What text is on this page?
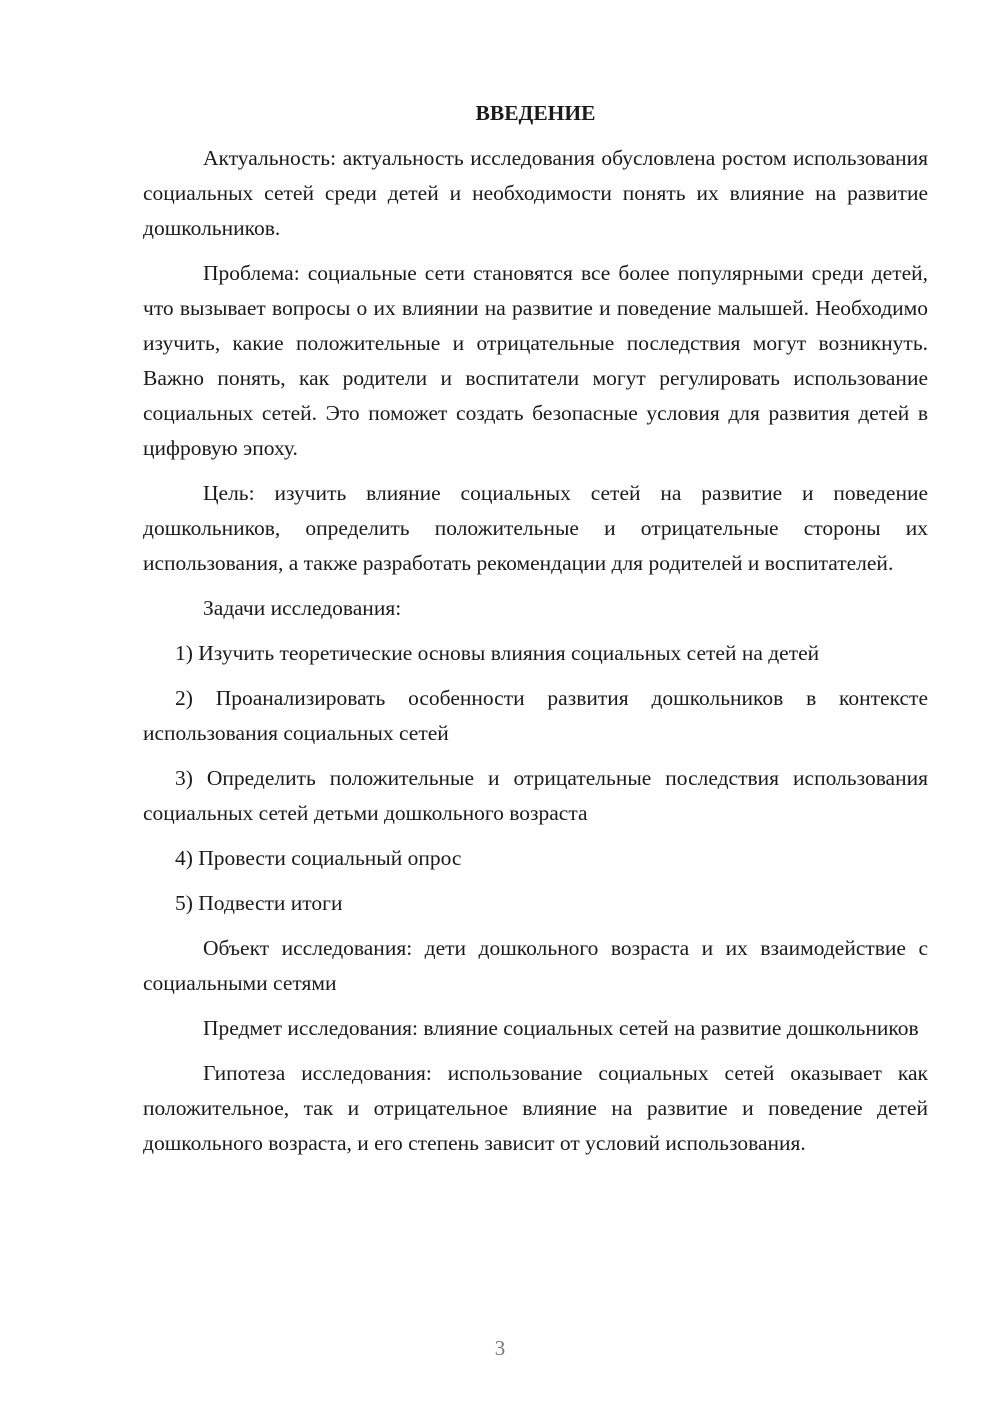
ВВЕДЕНИЕ

Актуальность: актуальность исследования обусловлена ростом использования социальных сетей среди детей и необходимости понять их влияние на развитие дошкольников.

Проблема: социальные сети становятся все более популярными среди детей, что вызывает вопросы о их влиянии на развитие и поведение малышей. Необходимо изучить, какие положительные и отрицательные последствия могут возникнуть. Важно понять, как родители и воспитатели могут регулировать использование социальных сетей. Это поможет создать безопасные условия для развития детей в цифровую эпоху.

Цель: изучить влияние социальных сетей на развитие и поведение дошкольников, определить положительные и отрицательные стороны их использования, а также разработать рекомендации для родителей и воспитателей.

Задачи исследования:

1) Изучить теоретические основы влияния социальных сетей на детей

2) Проанализировать особенности развития дошкольников в контексте использования социальных сетей

3) Определить положительные и отрицательные последствия использования социальных сетей детьми дошкольного возраста

4) Провести социальный опрос

5) Подвести итоги

Объект исследования: дети дошкольного возраста и их взаимодействие с социальными сетями

Предмет исследования: влияние социальных сетей на развитие дошкольников

Гипотеза исследования: использование социальных сетей оказывает как положительное, так и отрицательное влияние на развитие и поведение детей дошкольного возраста, и его степень зависит от условий использования.

3
